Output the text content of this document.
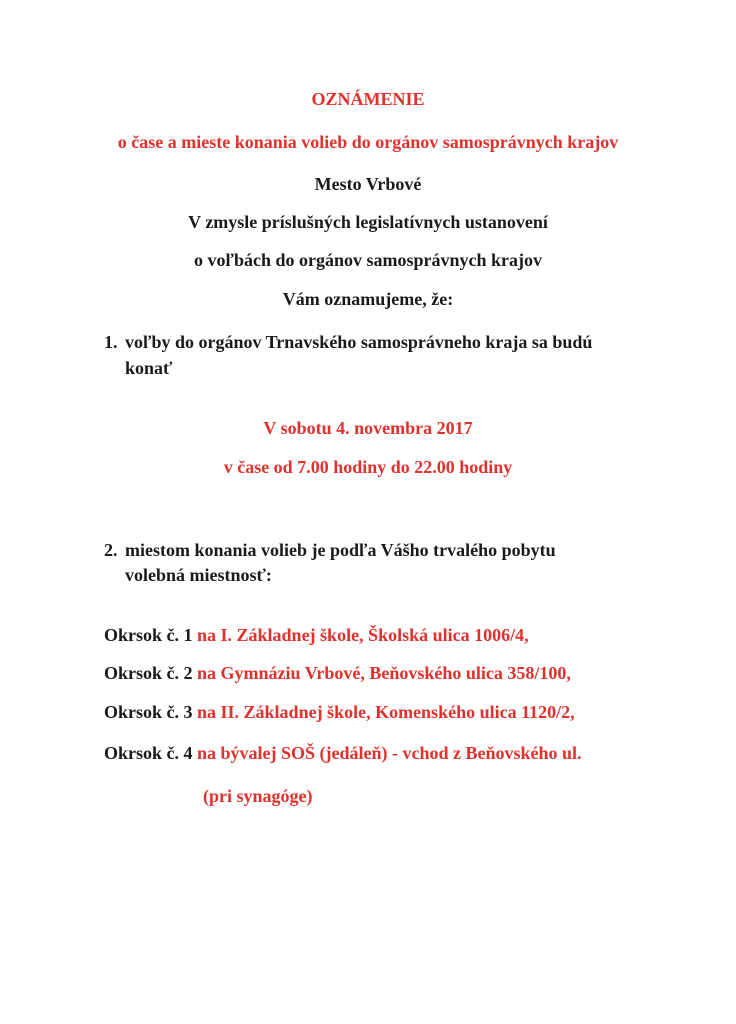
OZNÁMENIE
o čase a mieste konania volieb do orgánov samosprávnych krajov
Mesto Vrbové
V zmysle príslušných legislatívnych ustanovení
o voľbách do orgánov samosprávnych krajov
Vám oznamujeme, že:
1. voľby do orgánov Trnavského samosprávneho kraja sa budú
konať
V sobotu 4. novembra 2017
v čase od 7.00 hodiny do 22.00 hodiny
2. miestom konania volieb je podľa Vášho trvalého pobytu
volebná miestnosť:
Okrsok č. 1 na I. Základnej škole, Školská ulica 1006/4,
Okrsok č. 2 na Gymnáziu Vrbové, Beňovského ulica 358/100,
Okrsok č. 3 na II. Základnej škole, Komenského ulica 1120/2,
Okrsok č. 4 na bývalej SOŠ (jedáleň) - vchod z Beňovského ul.
(pri synagóge)
